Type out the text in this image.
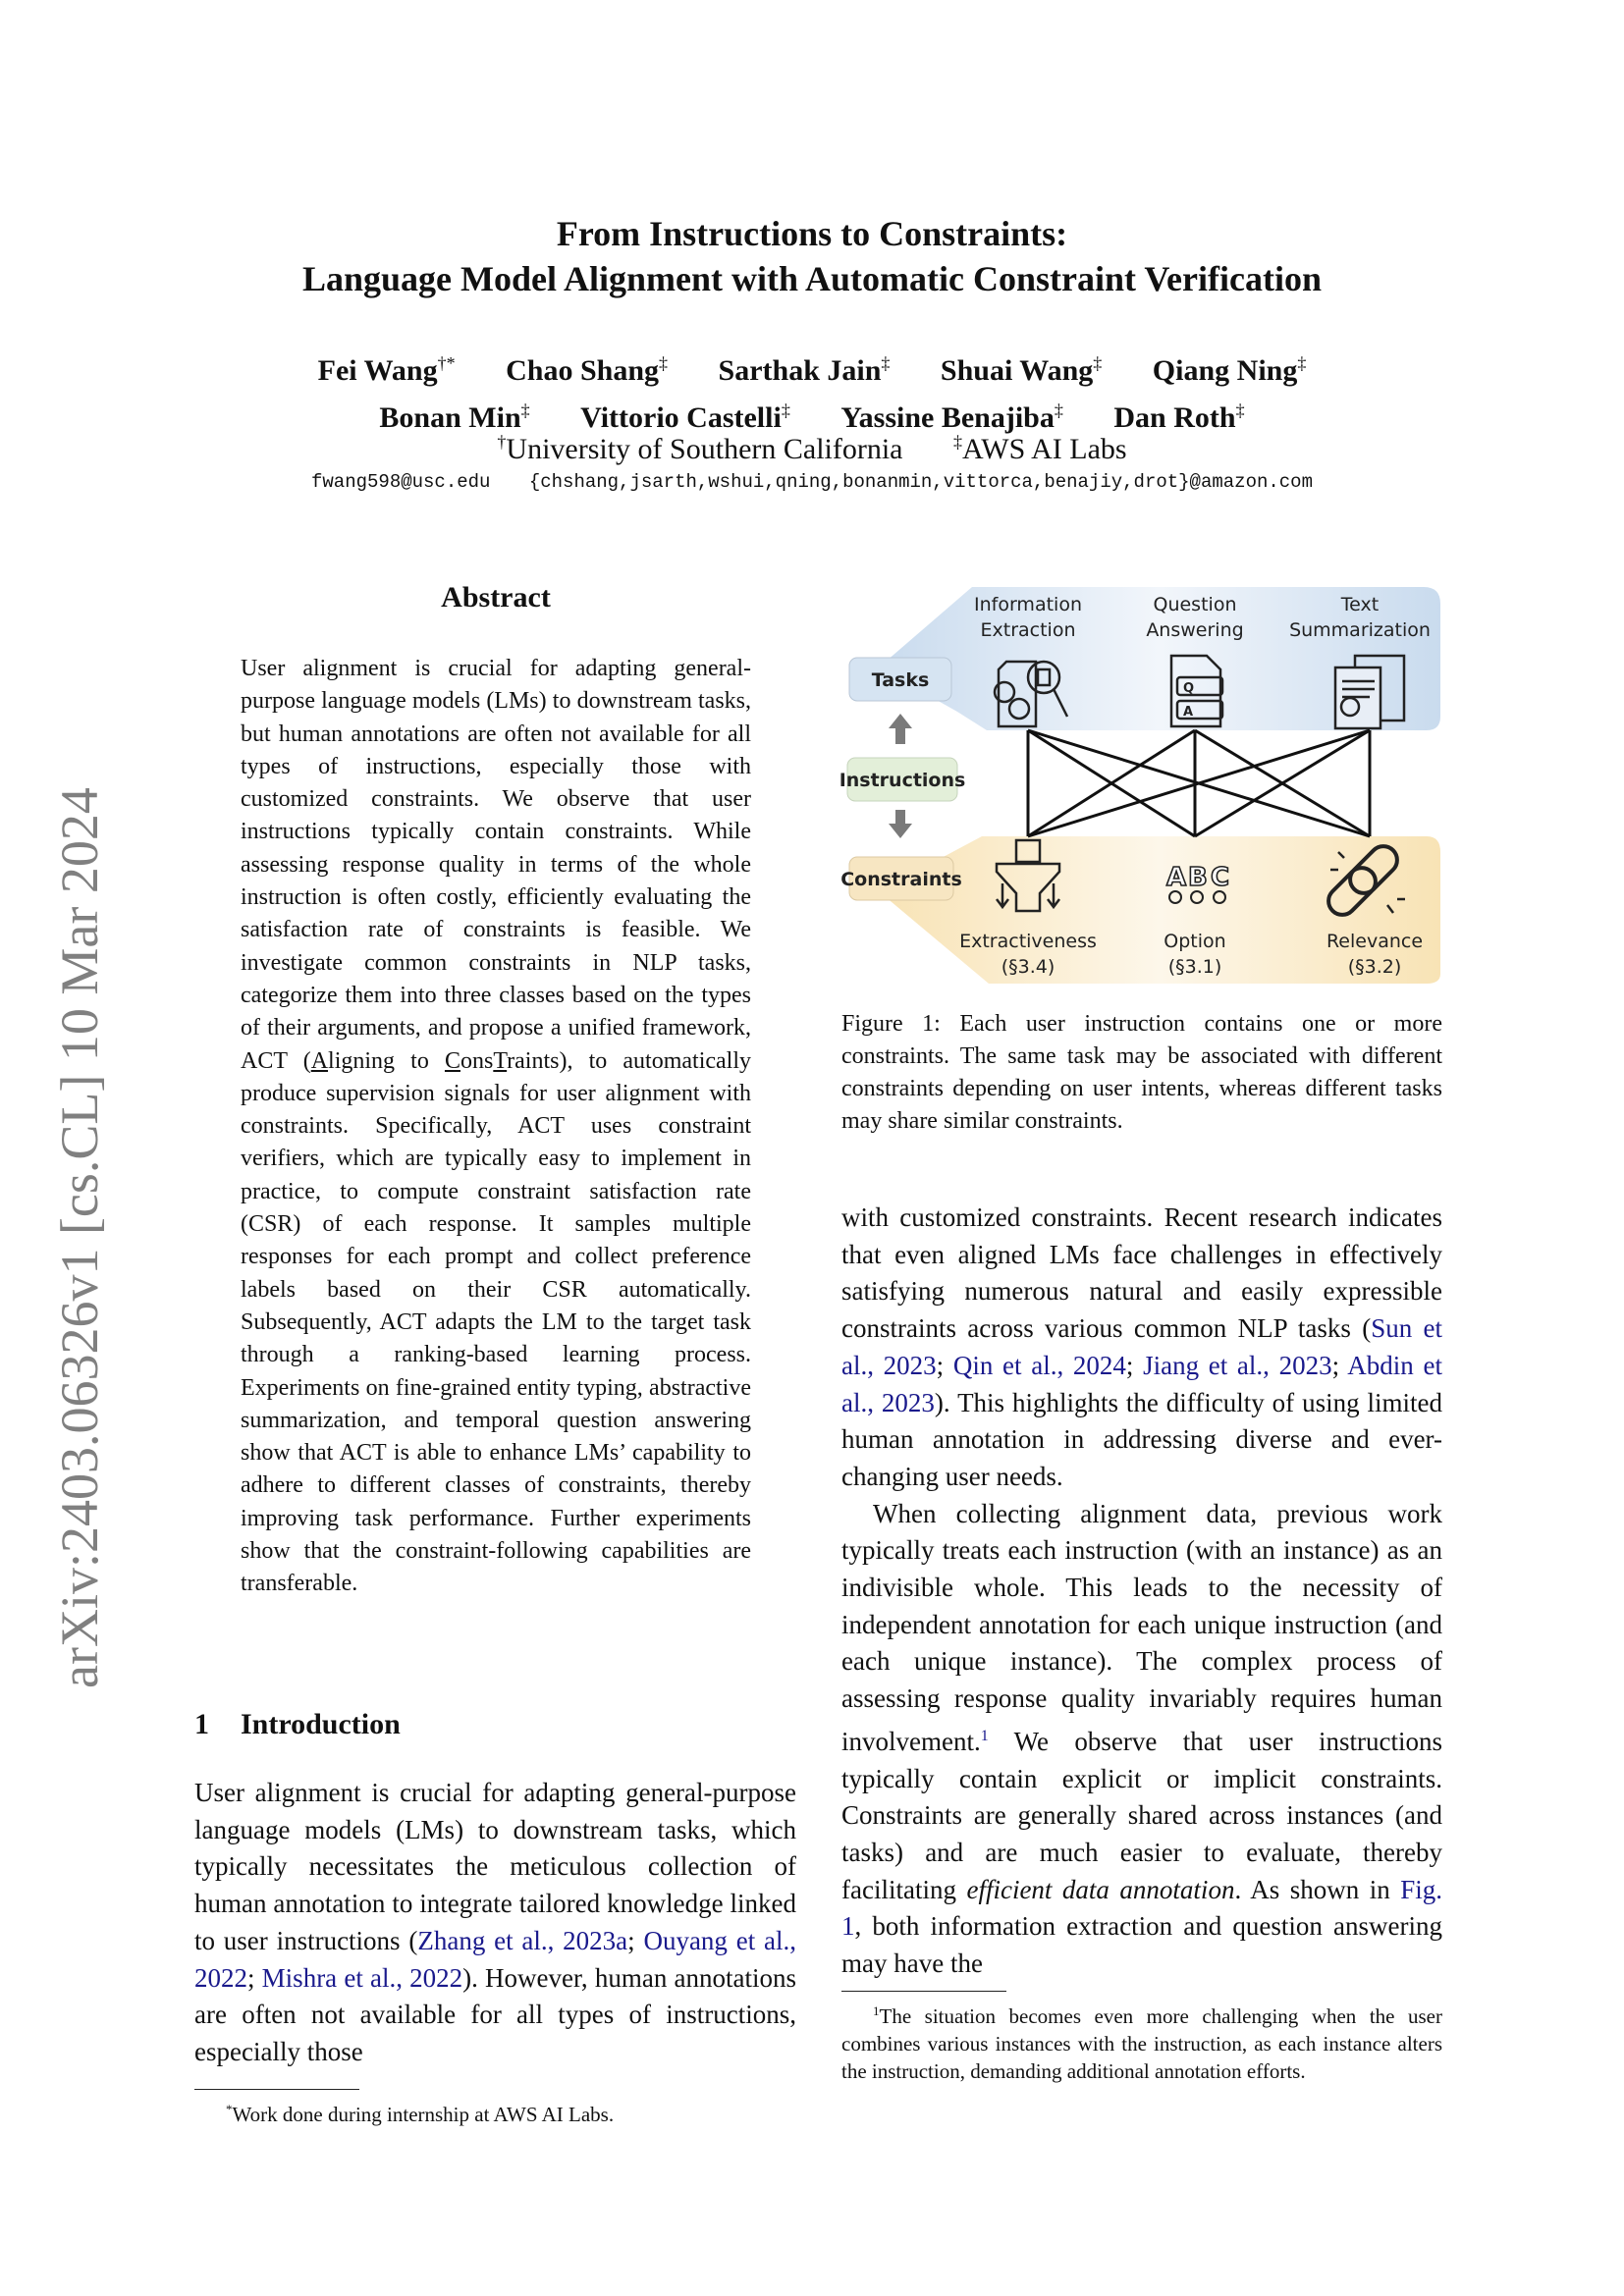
From Instructions to Constraints:
Language Model Alignment with Automatic Constraint Verification
Fei Wang†* Chao Shang‡ Sarthak Jain‡ Shuai Wang‡ Qiang Ning‡
Bonan Min‡ Vittorio Castelli‡ Yassine Benajiba‡ Dan Roth‡
†University of Southern California	‡AWS AI Labs
fwang598@usc.edu {chshang,jsarth,wshui,qning,bonanmin,vittorca,benajiy,drot}@amazon.com
arXiv:2403.06326v1 [cs.CL] 10 Mar 2024
Abstract
User alignment is crucial for adapting general-purpose language models (LMs) to downstream tasks, but human annotations are often not available for all types of instructions, especially those with customized constraints. We observe that user instructions typically contain constraints. While assessing response quality in terms of the whole instruction is often costly, efficiently evaluating the satisfaction rate of constraints is feasible. We investigate common constraints in NLP tasks, categorize them into three classes based on the types of their arguments, and propose a unified framework, ACT (Aligning to ConsTraints), to automatically produce supervision signals for user alignment with constraints. Specifically, ACT uses constraint verifiers, which are typically easy to implement in practice, to compute constraint satisfaction rate (CSR) of each response. It samples multiple responses for each prompt and collect preference labels based on their CSR automatically. Subsequently, ACT adapts the LM to the target task through a ranking-based learning process. Experiments on fine-grained entity typing, abstractive summarization, and temporal question answering show that ACT is able to enhance LMs’ capability to adhere to different classes of constraints, thereby improving task performance. Further experiments show that the constraint-following capabilities are transferable.
1 Introduction
User alignment is crucial for adapting general-purpose language models (LMs) to downstream tasks, which typically necessitates the meticulous collection of human annotation to integrate tailored knowledge linked to user instructions (Zhang et al., 2023a; Ouyang et al., 2022; Mishra et al., 2022). However, human annotations are often not available for all types of instructions, especially those
*Work done during internship at AWS AI Labs.
Tasks
Instructions
Constraints
Information
Extraction
Question
Answering
Text
Summarization
Q
A
A B C
Extractiveness
(§3.4)
Option
(§3.1)
Relevance
(§3.2)
Figure 1: Each user instruction contains one or more constraints. The same task may be associated with different constraints depending on user intents, whereas different tasks may share similar constraints.

with customized constraints. Recent research indicates that even aligned LMs face challenges in effectively satisfying numerous natural and easily expressible constraints across various common NLP tasks (Sun et al., 2023; Qin et al., 2024; Jiang et al., 2023; Abdin et al., 2023). This highlights the difficulty of using limited human annotation in addressing diverse and ever-changing user needs.

When collecting alignment data, previous work typically treats each instruction (with an instance) as an indivisible whole. This leads to the necessity of independent annotation for each unique instruction (and each unique instance). The complex process of assessing response quality invariably requires human involvement.$^1$ We observe that user instructions typically contain explicit or implicit constraints. Constraints are generally shared across instances (and tasks) and are much easier to evaluate, thereby facilitating efficient data annotation. As shown in Fig. 1, both information extraction and question answering may have the

$^1$The situation becomes even more challenging when the user combines various instances with the instruction, as each instance alters the instruction, demanding additional annotation efforts.
